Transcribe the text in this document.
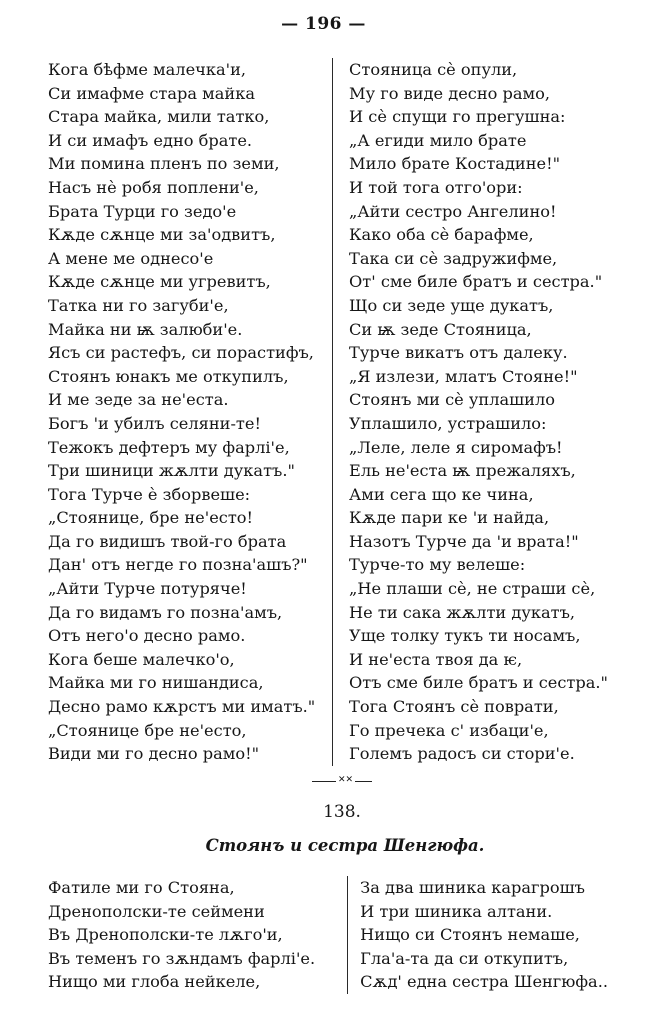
— 196 —
Кога бѣфме малечка'и,
Си имафме стара майка
Стара майка, мили татко,
И си имафъ едно брате.
Ми помина пленъ по земи,
Насъ нѐ робя поплени'е,
Брата Турци го зедо'е
Кѫде сѫнце ми за'одвитъ,
А мене ме однесо'е
Кѫде сѫнце ми угревитъ,
Татка ни го загуби'е,
Майка ни ѭ залюби'е.
Ясъ си растефъ, си порастифъ,
Стоянъ юнакъ ме откупилъ,
И ме зеде за не'еста.
Богъ 'и убилъ селяни-те!
Тежокъ дефтеръ му фарлі'е,
Три шиници жѫлти дукатъ."
Тога Турче ѐ зборвеше:
„Стоянице, бре не'есто!
Да го видишъ твой-го брата
Дан' отъ негде го позна'ашъ?"
„Айти Турче потуряче!
Да го видамъ го позна'амъ,
Отъ него'о десно рамо.
Кога беше малечко'о,
Майка ми го нишандиса,
Десно рамо кѫрстъ ми иматъ."
„Стоянице бре не'есто,
Види ми го десно рамо!"
Стояница сѐ опули,
Му го виде десно рамо,
И сѐ спущи го прегушна:
„А егиди мило брате
Мило брате Костадине!"
И той тога отго'ори:
„Айти сестро Ангелино!
Како оба сѐ барафме,
Така си сѐ задружифме,
От' сме биле братъ и сестра."
Що си зеде уще дукатъ,
Си ѭ зеде Стояница,
Турче викатъ отъ далеку.
„Я излези, млатъ Стояне!"
Стоянъ ми сѐ уплашило
Уплашило, устрашило:
„Леле, леле я сиромафъ!
Ель не'еста ѭ прежаляхъ,
Ами сега що ке чина,
Кѫде пари ке 'и найда,
Назотъ Турче да 'и врата!"
Турче-то му велеше:
„Не плаши сѐ, не страши сѐ,
Не ти сака жѫлти дукатъ,
Уще толку тукъ ти носамъ,
И не'еста твоя да ѥ,
Отъ сме биле братъ и сестра."
Тога Стоянъ сѐ поврати,
Го пречека с' избаци'е,
Големъ радосъ си стори'е.
✕✕
138.
Стоянъ и сестра Шенгюфа.
Фатиле ми го Стояна,
Дренополски-те сеймени
Въ Дренополски-те лѫго'и,
Въ теменъ го зѫндамъ фарлі'е.
Нищо ми глоба нейкеле,
За два шиника карагрошъ
И три шиника алтани.
Нищо си Стоянъ немаше,
Гла'а-та да си откупитъ,
Сѫд' една сестра Шенгюфа..
